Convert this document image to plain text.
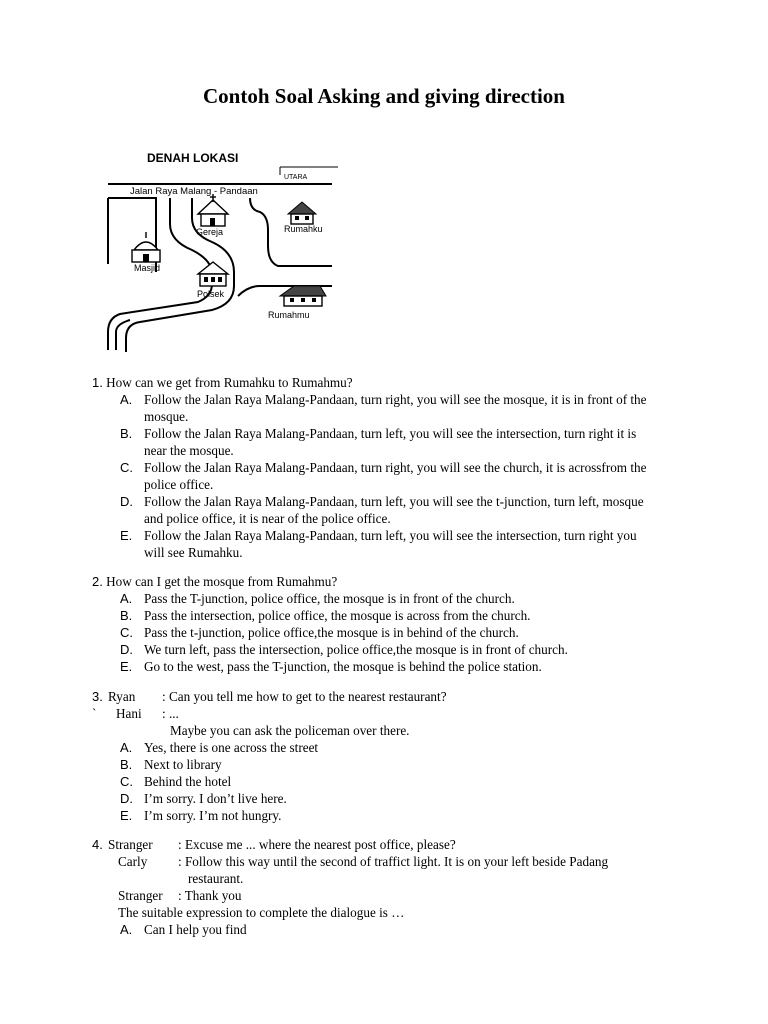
Contoh Soal Asking and giving direction
DENAH LOKASI
UTARA
Jalan Raya Malang - Pandaan
Gereja	Rumahku
Masjid
Polsek
Rumahmu
1. How can we get from Rumahku to Rumahmu?
A. Follow the Jalan Raya Malang-Pandaan, turn right, you will see the mosque, it is in front of the mosque.
B. Follow the Jalan Raya Malang-Pandaan, turn left, you will see the intersection, turn right it is near the mosque.
C. Follow the Jalan Raya Malang-Pandaan, turn right, you will see the church, it is acrossfrom the police office.
D. Follow the Jalan Raya Malang-Pandaan, turn left, you will see the t-junction, turn left, mosque and police office, it is near of the police office.
E. Follow the Jalan Raya Malang-Pandaan, turn left, you will see the intersection, turn right you will see Rumahku.
2. How can I get the mosque from Rumahmu?
A. Pass the T-junction, police office, the mosque is in front of the church.
B. Pass the intersection, police office, the mosque is across from the church.
C. Pass the t-junction, police office,the mosque is in behind of the church.
D. We turn left, pass the intersection, police office,the mosque is in front of church.
E. Go to the west, pass the T-junction, the mosque is behind the police station.
3. Ryan	: Can you tell me how to get to the nearest restaurant?
`	Hani	: ...
Maybe you can ask the policeman over there.
A. Yes, there is one across the street
B. Next to library
C. Behind the hotel
D. I’m sorry. I don’t live here.
E. I’m sorry. I’m not hungry.
4. Stranger	: Excuse me ... where the nearest post office, please?
Carly	: Follow this way until the second of traffict light. It is on your left beside Padang
restaurant.
Stranger	: Thank you
The suitable expression to complete the dialogue is …
A. Can I help you find
